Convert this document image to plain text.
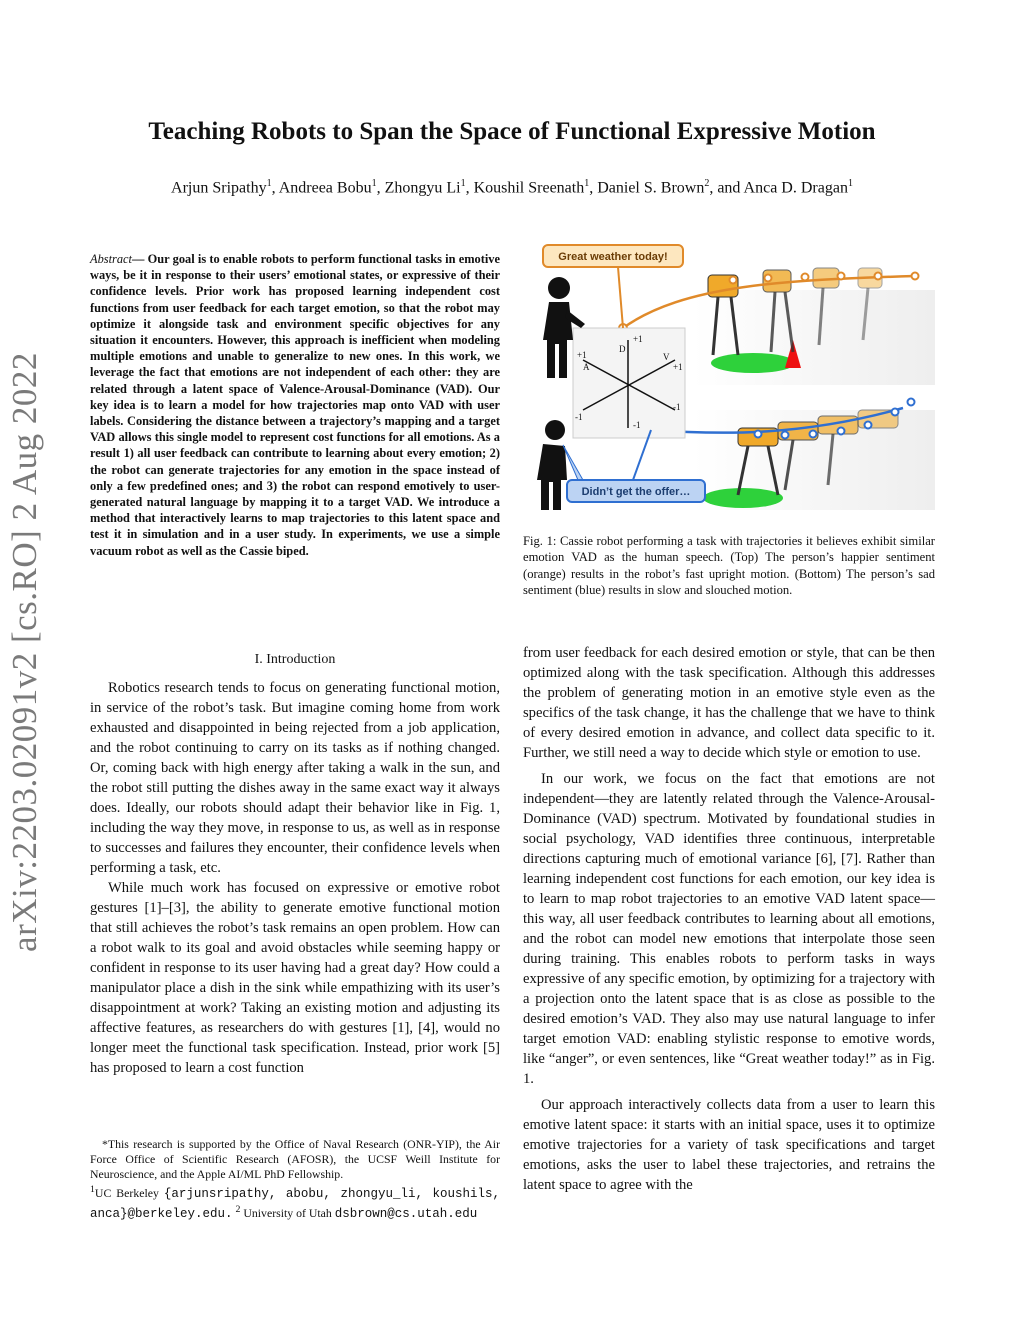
arXiv:2203.02091v2 [cs.RO] 2 Aug 2022
Teaching Robots to Span the Space of Functional Expressive Motion
Arjun Sripathy$^1$, Andreea Bobu$^1$, Zhongyu Li$^1$, Koushil Sreenath$^1$, Daniel S. Brown$^2$, and Anca D. Dragan$^1$
Abstract— Our goal is to enable robots to perform functional tasks in emotive ways, be it in response to their users’ emotional states, or expressive of their confidence levels. Prior work has proposed learning independent cost functions from user feedback for each target emotion, so that the robot may optimize it alongside task and environment specific objectives for any situation it encounters. However, this approach is inefficient when modeling multiple emotions and unable to generalize to new ones. In this work, we leverage the fact that emotions are not independent of each other: they are related through a latent space of Valence-Arousal-Dominance (VAD). Our key idea is to learn a model for how trajectories map onto VAD with user labels. Considering the distance between a trajectory’s mapping and a target VAD allows this single model to represent cost functions for all emotions. As a result 1) all user feedback can contribute to learning about every emotion; 2) the robot can generate trajectories for any emotion in the space instead of only a few predefined ones; and 3) the robot can respond emotively to user-generated natural language by mapping it to a target VAD. We introduce a method that interactively learns to map trajectories to this latent space and test it in simulation and in a user study. In experiments, we use a simple vacuum robot as well as the Cassie biped.
I. Introduction

Robotics research tends to focus on generating functional motion, in service of the robot’s task. But imagine coming home from work exhausted and disappointed in being rejected from a job application, and the robot continuing to carry on its tasks as if nothing changed. Or, coming back with high energy after taking a walk in the sun, and the robot still putting the dishes away in the same exact way it always does. Ideally, our robots should adapt their behavior like in Fig. 1, including the way they move, in response to us, as well as in response to successes and failures they encounter, their confidence levels when performing a task, etc.

While much work has focused on expressive or emotive robot gestures [1]–[3], the ability to generate emotive functional motion that still achieves the robot’s task remains an open problem. How can a robot walk to its goal and avoid obstacles while seeming happy or confident in response to its user having had a great day? How could a manipulator place a dish in the sink while empathizing with its user’s disappointment at work? Taking an existing motion and adjusting its affective features, as researchers do with gestures [1], [4], would no longer meet the functional task specification. Instead, prior work [5] has proposed to learn a cost function

*This research is supported by the Office of Naval Research (ONR-YIP), the Air Force Office of Scientific Research (AFOSR), the UCSF Weill Institute for Neuroscience, and the Apple AI/ML PhD Fellowship.

$^1$UC Berkeley {arjunsripathy, abobu, zhongyu_li, koushils, anca}@berkeley.edu. $^2$ University of Utah dsbrown@cs.utah.edu
+1
D
-1
V
+1
-1
+1
A
-1
Great weather today!
Didn’t get the offer…
Fig. 1: Cassie robot performing a task with trajectories it believes exhibit similar emotion VAD as the human speech. (Top) The person’s happier sentiment (orange) results in the robot’s fast upright motion. (Bottom) The person’s sad sentiment (blue) results in slow and slouched motion.

from user feedback for each desired emotion or style, that can be then optimized along with the task specification. Although this addresses the problem of generating motion in an emotive style even as the specifics of the task change, it has the challenge that we have to think of every desired emotion in advance, and collect data specific to it. Further, we still need a way to decide which style or emotion to use.

In our work, we focus on the fact that emotions are not independent—they are latently related through the Valence-Arousal-Dominance (VAD) spectrum. Motivated by foundational studies in social psychology, VAD identifies three continuous, interpretable directions capturing much of emotional variance [6], [7]. Rather than learning independent cost functions for each emotion, our key idea is to learn to map robot trajectories to an emotive VAD latent space—this way, all user feedback contributes to learning about all emotions, and the robot can model new emotions that interpolate those seen during training. This enables robots to perform tasks in ways expressive of any specific emotion, by optimizing for a trajectory with a projection onto the latent space that is as close as possible to the desired emotion’s VAD. They also may use natural language to infer target emotion VAD: enabling stylistic response to emotive words, like “anger”, or even sentences, like “Great weather today!” as in Fig. 1.

Our approach interactively collects data from a user to learn this emotive latent space: it starts with an initial space, uses it to optimize emotive trajectories for a variety of task specifications and target emotions, asks the user to label these trajectories, and retrains the latent space to agree with the
